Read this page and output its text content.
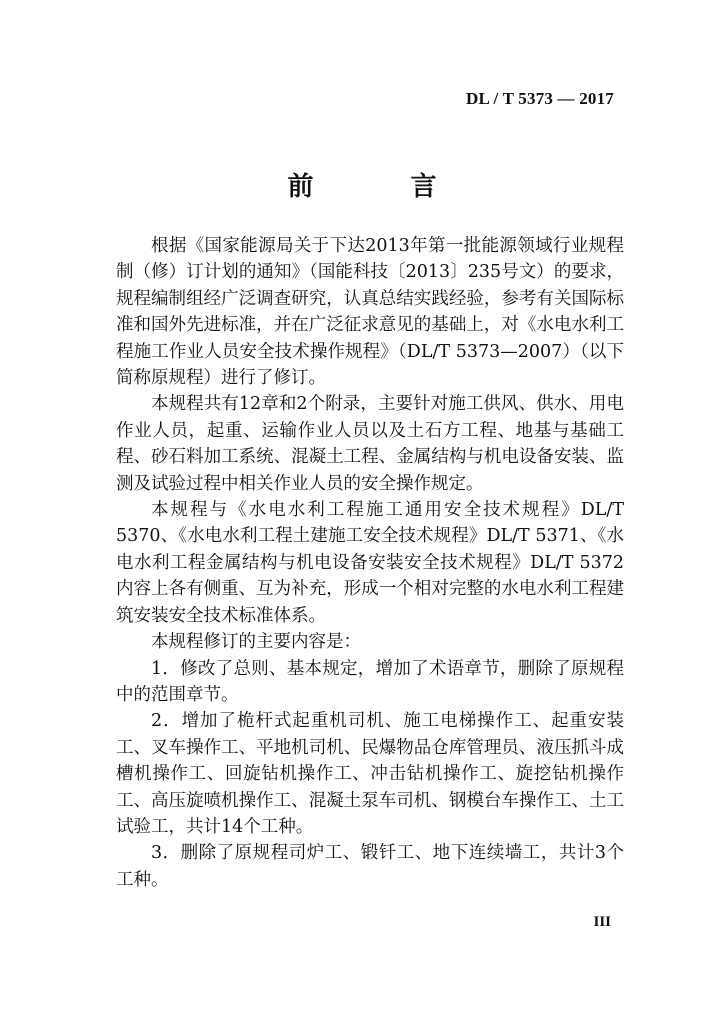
DL / T 5373 — 2017
前 言

根据《国家能源局关于下达2013年第一批能源领域行业规程制（修）订计划的通知》（国能科技〔2013〕235号文）的要求，规程编制组经广泛调查研究，认真总结实践经验，参考有关国际标准和国外先进标准，并在广泛征求意见的基础上，对《水电水利工程施工作业人员安全技术操作规程》（DL/T 5373—2007）（以下简称原规程）进行了修订。

本规程共有12章和2个附录，主要针对施工供风、供水、用电作业人员，起重、运输作业人员以及土石方工程、地基与基础工程、砂石料加工系统、混凝土工程、金属结构与机电设备安装、监测及试验过程中相关作业人员的安全操作规定。

本规程与《水电水利工程施工通用安全技术规程》DL/T 5370、《水电水利工程土建施工安全技术规程》DL/T 5371、《水电水利工程金属结构与机电设备安装安全技术规程》DL/T 5372内容上各有侧重、互为补充，形成一个相对完整的水电水利工程建筑安装安全技术标准体系。

本规程修订的主要内容是：

1．修改了总则、基本规定，增加了术语章节，删除了原规程中的范围章节。

2．增加了桅杆式起重机司机、施工电梯操作工、起重安装工、叉车操作工、平地机司机、民爆物品仓库管理员、液压抓斗成槽机操作工、回旋钻机操作工、冲击钻机操作工、旋挖钻机操作工、高压旋喷机操作工、混凝土泵车司机、钢模台车操作工、土工试验工，共计14个工种。

3．删除了原规程司炉工、锻钎工、地下连续墙工，共计3个工种。

III
